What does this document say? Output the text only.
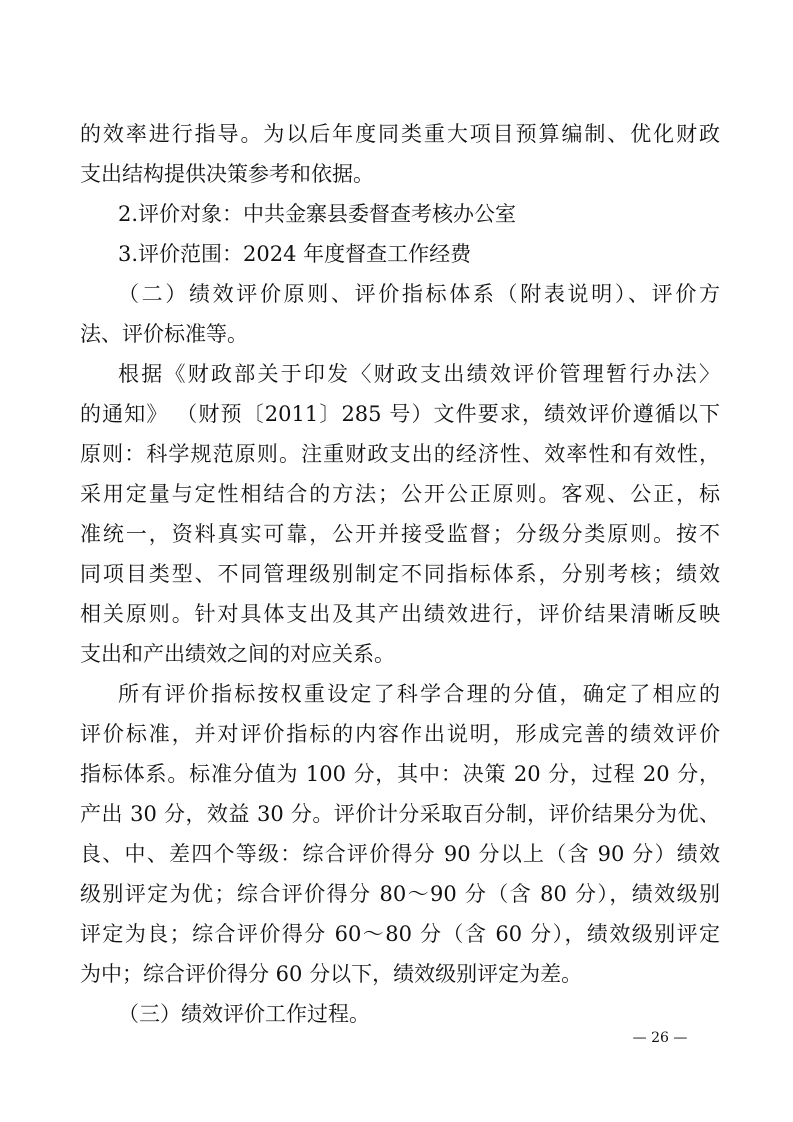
的效率进行指导。为以后年度同类重大项目预算编制、优化财政
支出结构提供决策参考和依据。
2.评价对象：中共金寨县委督查考核办公室
3.评价范围：2024 年度督查工作经费
（二）绩效评价原则、评价指标体系（附表说明）、评价方
法、评价标准等。
根据《财政部关于印发〈财政支出绩效评价管理暂行办法〉
的通知》 （财预〔2011〕285 号）文件要求，绩效评价遵循以下
原则：科学规范原则。注重财政支出的经济性、效率性和有效性，
采用定量与定性相结合的方法；公开公正原则。客观、公正，标
准统一，资料真实可靠，公开并接受监督；分级分类原则。按不
同项目类型、不同管理级别制定不同指标体系，分别考核；绩效
相关原则。针对具体支出及其产出绩效进行，评价结果清晰反映
支出和产出绩效之间的对应关系。
所有评价指标按权重设定了科学合理的分值，确定了相应的
评价标准，并对评价指标的内容作出说明，形成完善的绩效评价
指标体系。标准分值为 100 分，其中：决策 20 分，过程 20 分，
产出 30 分，效益 30 分。评价计分采取百分制，评价结果分为优、
良、中、差四个等级：综合评价得分 90 分以上（含 90 分）绩效
级别评定为优；综合评价得分 80～90 分（含 80 分），绩效级别
评定为良；综合评价得分 60～80 分（含 60 分），绩效级别评定
为中；综合评价得分 60 分以下，绩效级别评定为差。
（三）绩效评价工作过程。
— 26 —
